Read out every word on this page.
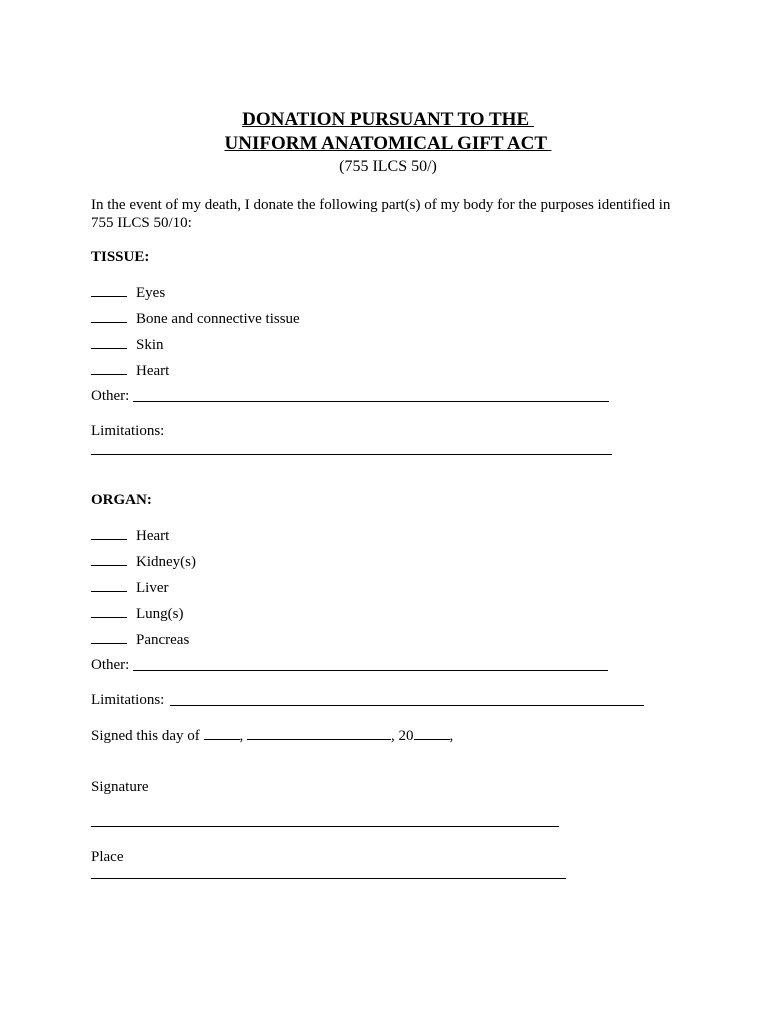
DONATION PURSUANT TO THE
UNIFORM ANATOMICAL GIFT ACT
(755 ILCS 50/)
In the event of my death, I donate the following part(s) of my body for the purposes identified in 755 ILCS 50/10:
TISSUE:
Eyes
Bone and connective tissue
Skin
Heart
Other:
Limitations:
ORGAN:
Heart
Kidney(s)
Liver
Lung(s)
Pancreas
Other:
Limitations:
Signed this day of	,	, 20 ,
Signature
Place
